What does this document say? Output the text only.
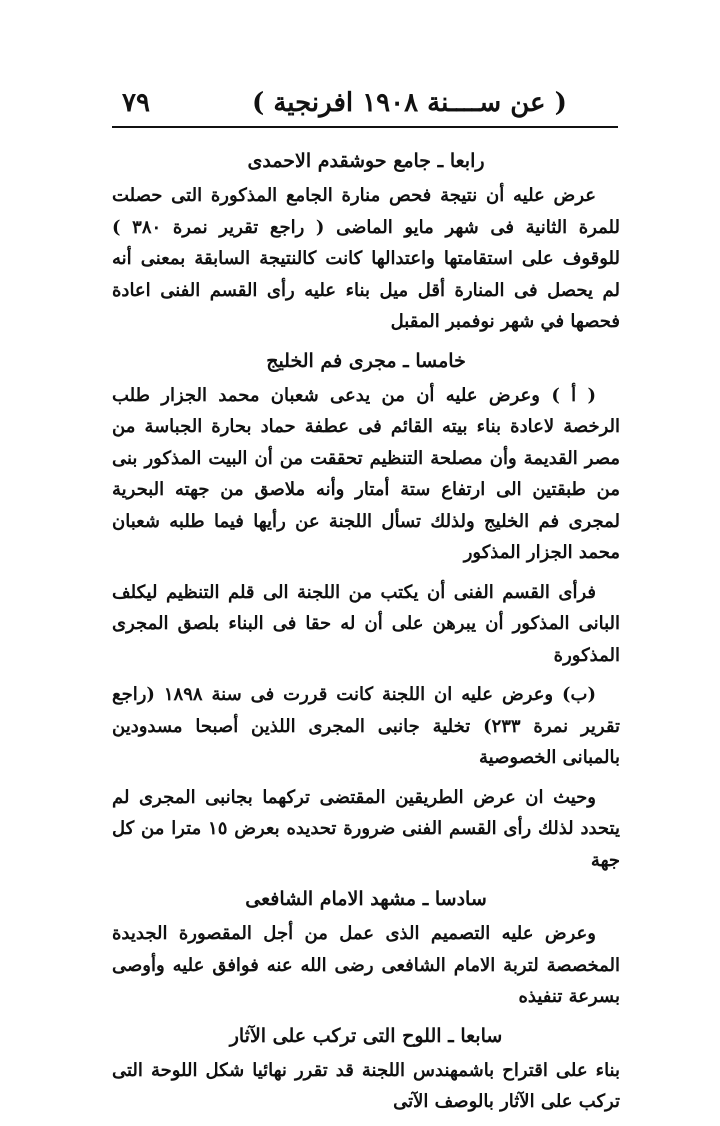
٧٩	( عن ســــنة ١٩٠٨ افرنجية )
رابعا ـ جامع حوشقدم الاحمدى

عرض عليه أن نتيجة فحص منارة الجامع المذكورة التى حصلت للمرة الثانية فى شهر مايو الماضى ( راجع تقرير نمرة ٣٨٠ ) للوقوف على استقامتها واعتدالها كانت كالنتيجة السابقة بمعنى أنه لم يحصل فى المنارة أقل ميل بناء عليه رأى القسم الفنى اعادة فحصها في شهر نوفمبر المقبل

خامسا ـ مجرى فم الخليج

( أ ) وعرض عليه أن من يدعى شعبان محمد الجزار طلب الرخصة لاعادة بناء بيته القائم فى عطفة حماد بحارة الجباسة من مصر القديمة وأن مصلحة التنظيم تحققت من أن البيت المذكور بنى من طبقتين الى ارتفاع ستة أمتار وأنه ملاصق من جهته البحرية لمجرى فم الخليج ولذلك تسأل اللجنة عن رأيها فيما طلبه شعبان محمد الجزار المذكور

فرأى القسم الفنى أن يكتب من اللجنة الى قلم التنظيم ليكلف البانى المذكور أن يبرهن على أن له حقا فى البناء بلصق المجرى المذكورة

(ب) وعرض عليه ان اللجنة كانت قررت فى سنة ١٨٩٨ (راجع تقرير نمرة ٢٣٣) تخلية جانبى المجرى اللذين أصبحا مسدودين بالمبانى الخصوصية

وحيث ان عرض الطريقين المقتضى تركهما بجانبى المجرى لم يتحدد لذلك رأى القسم الفنى ضرورة تحديده بعرض ١٥ مترا من كل جهة

سادسا ـ مشهد الامام الشافعى

وعرض عليه التصميم الذى عمل من أجل المقصورة الجديدة المخصصة لتربة الامام الشافعى رضى الله عنه فوافق عليه وأوصى بسرعة تنفيذه

سابعا ـ اللوح التى تركب على الآثار

بناء على اقتراح باشمهندس اللجنة قد تقرر نهائيا شكل اللوحة التى تركب على الآثار بالوصف الآتى
